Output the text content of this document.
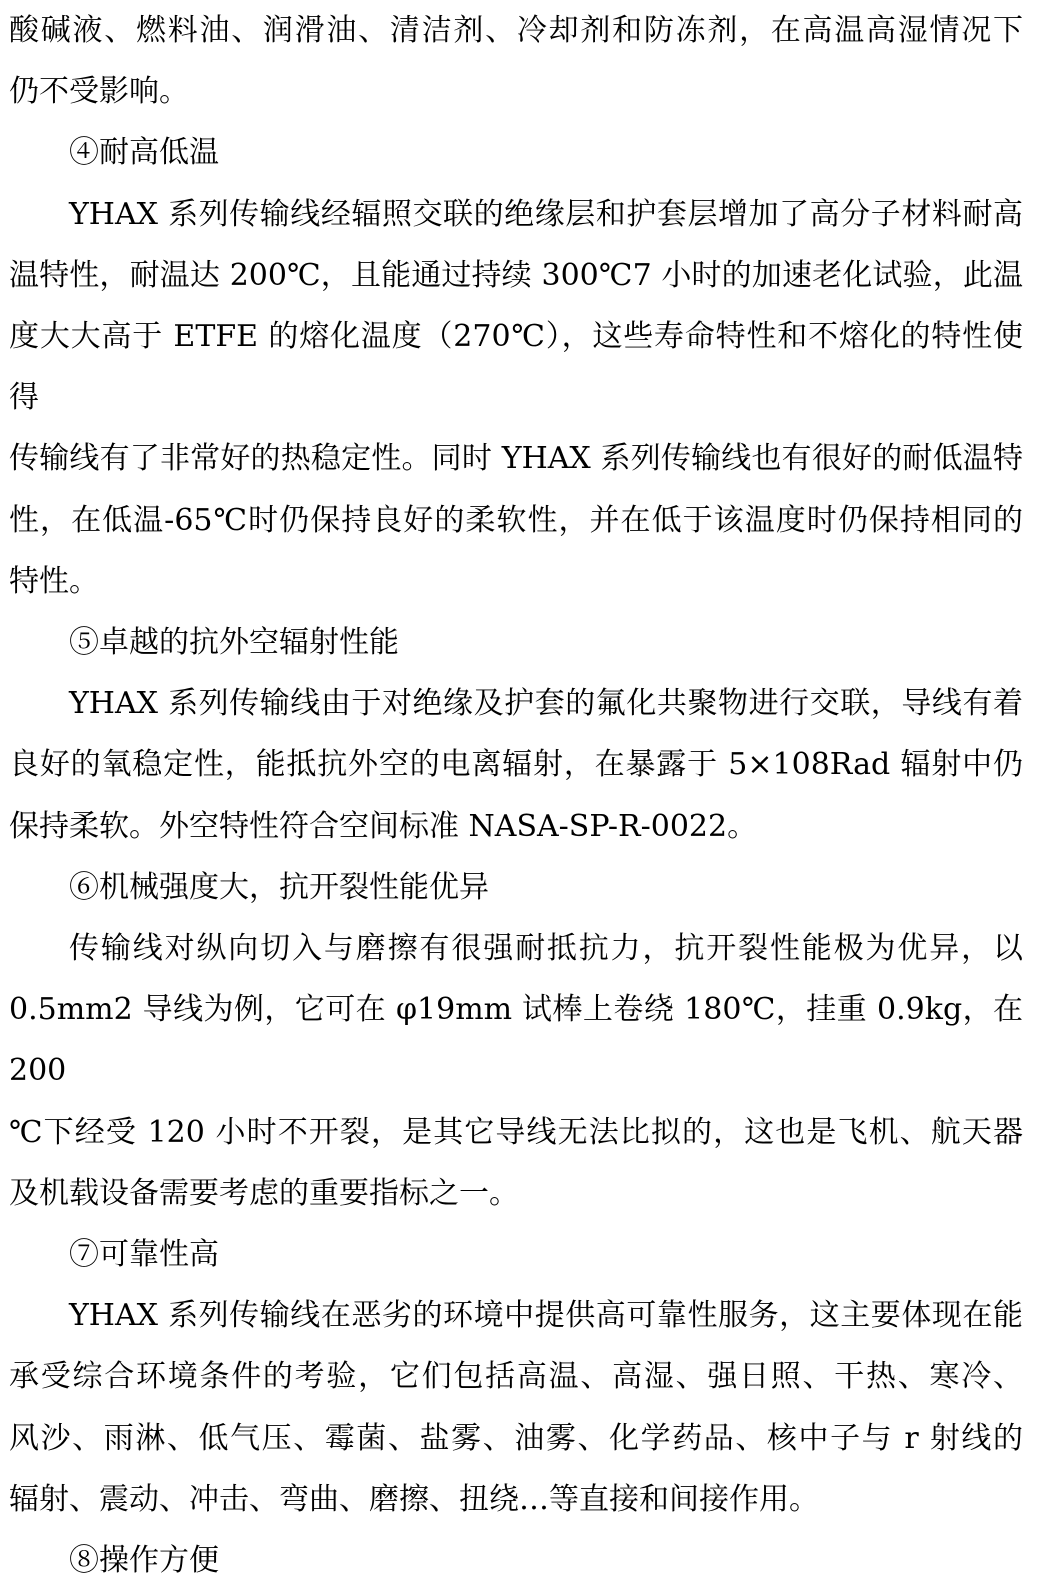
酸碱液、燃料油、润滑油、清洁剂、冷却剂和防冻剂，在高温高湿情况下
仍不受影响。
④耐高低温
YHAX 系列传输线经辐照交联的绝缘层和护套层增加了高分子材料耐高
温特性，耐温达 200℃，且能通过持续 300℃7 小时的加速老化试验，此温
度大大高于 ETFE 的熔化温度（270℃），这些寿命特性和不熔化的特性使得
传输线有了非常好的热稳定性。同时 YHAX 系列传输线也有很好的耐低温特
性，在低温-65℃时仍保持良好的柔软性，并在低于该温度时仍保持相同的
特性。
⑤卓越的抗外空辐射性能
YHAX 系列传输线由于对绝缘及护套的氟化共聚物进行交联，导线有着
良好的氧稳定性，能抵抗外空的电离辐射，在暴露于 5×108Rad 辐射中仍
保持柔软。外空特性符合空间标准 NASA-SP-R-0022。
⑥机械强度大，抗开裂性能优异
传输线对纵向切入与磨擦有很强耐抵抗力，抗开裂性能极为优异，以
0.5mm2 导线为例，它可在 φ19mm 试棒上卷绕 180℃，挂重 0.9kg，在 200
℃下经受 120 小时不开裂，是其它导线无法比拟的，这也是飞机、航天器
及机载设备需要考虑的重要指标之一。
⑦可靠性高
YHAX 系列传输线在恶劣的环境中提供高可靠性服务，这主要体现在能
承受综合环境条件的考验，它们包括高温、高湿、强日照、干热、寒冷、
风沙、雨淋、低气压、霉菌、盐雾、油雾、化学药品、核中子与 r 射线的
辐射、震动、冲击、弯曲、磨擦、扭绕…等直接和间接作用。
⑧操作方便
